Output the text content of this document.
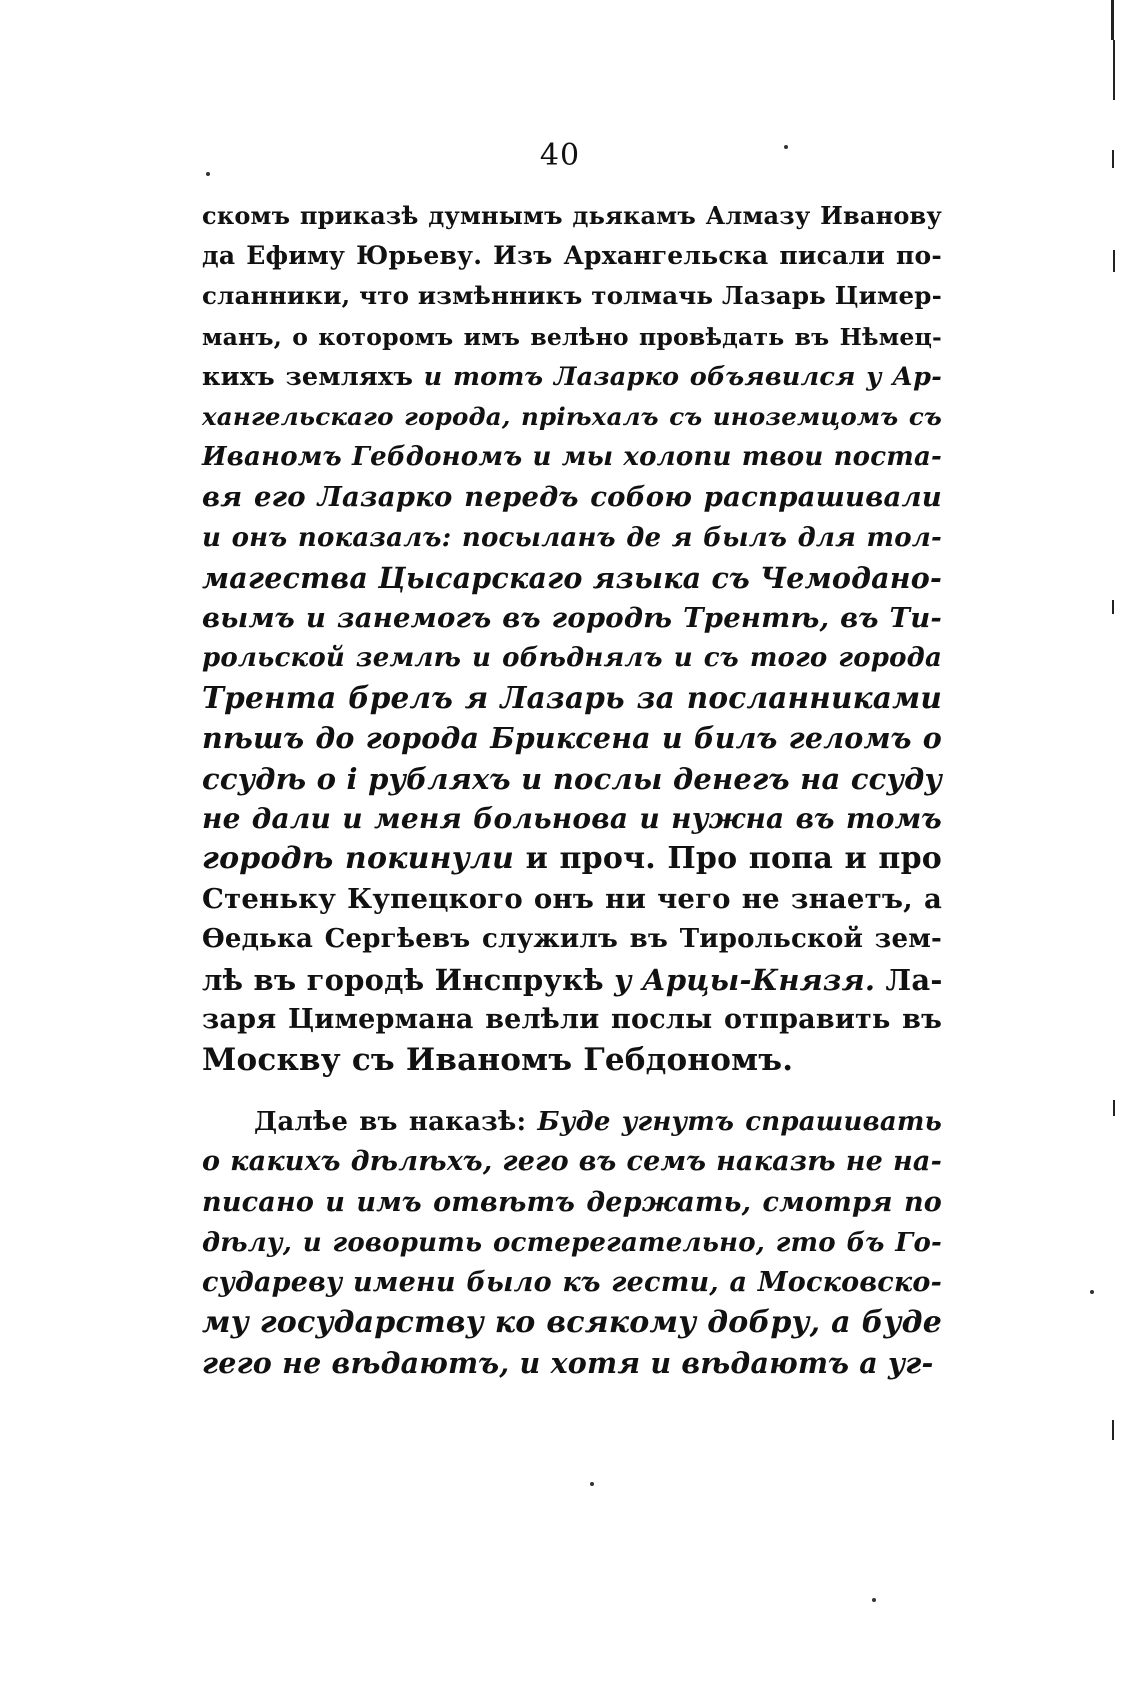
40
скомъ приказѣ думнымъ дьякамъ Алмазу Иванову
да Ефиму Юрьеву. Изъ Архангельска писали по-
сланники, что измѣнникъ толмачь Лазарь Цимер-
манъ, о которомъ имъ велѣно провѣдать въ Нѣмец-
кихъ земляхъ и тотъ Лазарко объявился у Ар-
хангельскаго города, пріѣхалъ съ иноземцомъ съ
Иваномъ Гебдономъ и мы холопи твои поста-
вя его Лазарко передъ собою распрашивали
и онъ показалъ: посыланъ де я былъ для тол-
магества Цысарскаго языка съ Чемодано-
вымъ и занемогъ въ городѣ Трентѣ, въ Ти-
рольской землѣ и обѣднялъ и съ того города
Трента брелъ я Лазарь за посланниками
пѣшъ до города Бриксена и билъ геломъ о
ссудѣ о і рубляхъ и послы денегъ на ссуду
не дали и меня больнова и нужна въ томъ
городѣ покинули и проч. Про попа и про
Стеньку Купецкого онъ ни чего не знаетъ, а
Ѳедька Сергѣевъ служилъ въ Тирольской зем-
лѣ въ городѣ Инспрукѣ у Арцы-Князя. Ла-
заря Цимермана велѣли послы отправить въ
Москву съ Иваномъ Гебдономъ.
Далѣе въ наказѣ: Буде угнутъ спрашивать
о какихъ дѣлѣхъ, гего въ семъ наказѣ не на-
писано и имъ отвѣтъ держать, смотря по
дѣлу, и говорить остерегательно, гто бъ Го-
судареву имени было къ гести, а Московско-
му государству ко всякому добру, а буде
гего не вѣдаютъ, и хотя и вѣдаютъ а уг-
